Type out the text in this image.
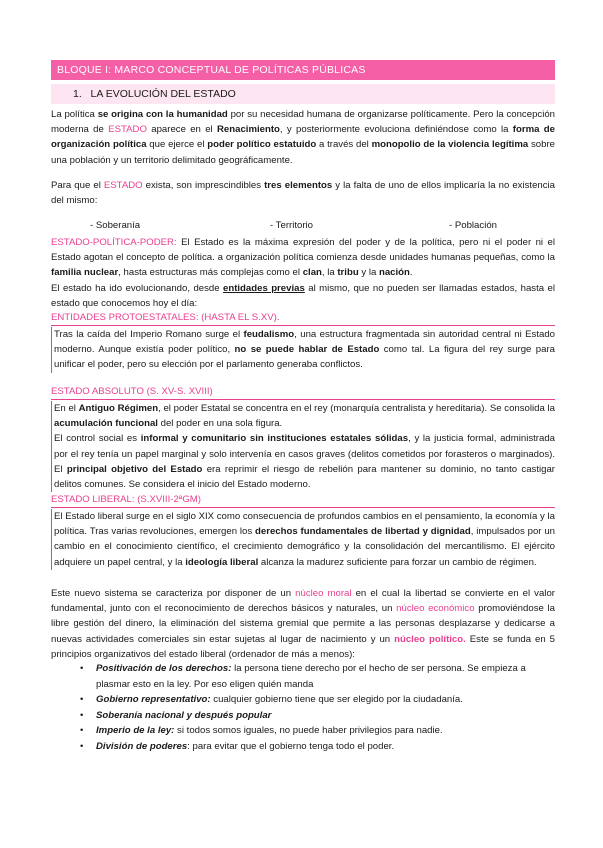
BLOQUE I: MARCO CONCEPTUAL DE POLÍTICAS PÚBLICAS
1. LA EVOLUCIÓN DEL ESTADO

La política se origina con la humanidad por su necesidad humana de organizarse políticamente. Pero la concepción moderna de ESTADO aparece en el Renacimiento, y posteriormente evoluciona definiéndose como la forma de organización política que ejerce el poder político estatuido a través del monopolio de la violencia legítima sobre una población y un territorio delimitado geográficamente.

Para que el ESTADO exista, son imprescindibles tres elementos y la falta de uno de ellos implicaría la no existencia del mismo:

- Soberanía	- Territorio	- Población

ESTADO-POLÍTICA-PODER: El Estado es la máxima expresión del poder y de la política, pero ni el poder ni el Estado agotan el concepto de política. a organización política comienza desde unidades humanas pequeñas, como la familia nuclear, hasta estructuras más complejas como el clan, la tribu y la nación.

El estado ha ido evolucionando, desde entidades previas al mismo, que no pueden ser llamadas estados, hasta el estado que conocemos hoy el día:

ENTIDADES PROTOESTATALES: (HASTA EL S.XV).

Tras la caída del Imperio Romano surge el feudalismo, una estructura fragmentada sin autoridad central ni Estado moderno. Aunque existía poder político, no se puede hablar de Estado como tal. La figura del rey surge para unificar el poder, pero su elección por el parlamento generaba conflictos.

ESTADO ABSOLUTO (S. XV-S. XVIII)

En el Antiguo Régimen, el poder Estatal se concentra en el rey (monarquía centralista y hereditaria). Se consolida la acumulación funcional del poder en una sola figura.
El control social es informal y comunitario sin instituciones estatales sólidas, y la justicia formal, administrada por el rey tenía un papel marginal y solo intervenía en casos graves (delitos cometidos por forasteros o marginados). El principal objetivo del Estado era reprimir el riesgo de rebelión para mantener su dominio, no tanto castigar delitos comunes. Se considera el inicio del Estado moderno.

ESTADO LIBERAL: (S.XVIII-2ªGM)

El Estado liberal surge en el siglo XIX como consecuencia de profundos cambios en el pensamiento, la economía y la política. Tras varias revoluciones, emergen los derechos fundamentales de libertad y dignidad, impulsados por un cambio en el conocimiento científico, el crecimiento demográfico y la consolidación del mercantilismo. El ejército adquiere un papel central, y la ideología liberal alcanza la madurez suficiente para forzar un cambio de régimen.

Este nuevo sistema se caracteriza por disponer de un núcleo moral en el cual la libertad se convierte en el valor fundamental, junto con el reconocimiento de derechos básicos y naturales, un núcleo económico promoviéndose la libre gestión del dinero, la eliminación del sistema gremial que permite a las personas desplazarse y dedicarse a nuevas actividades comerciales sin estar sujetas al lugar de nacimiento y un núcleo político. Este se funda en 5 principios organizativos del estado liberal (ordenador de más a menos):

• Positivación de los derechos: la persona tiene derecho por el hecho de ser persona. Se empieza a plasmar esto en la ley. Por eso eligen quién manda
• Gobierno representativo: cualquier gobierno tiene que ser elegido por la ciudadanía.
• Soberanía nacional y después popular
• Imperio de la ley: si todos somos iguales, no puede haber privilegios para nadie.
• División de poderes: para evitar que el gobierno tenga todo el poder.
